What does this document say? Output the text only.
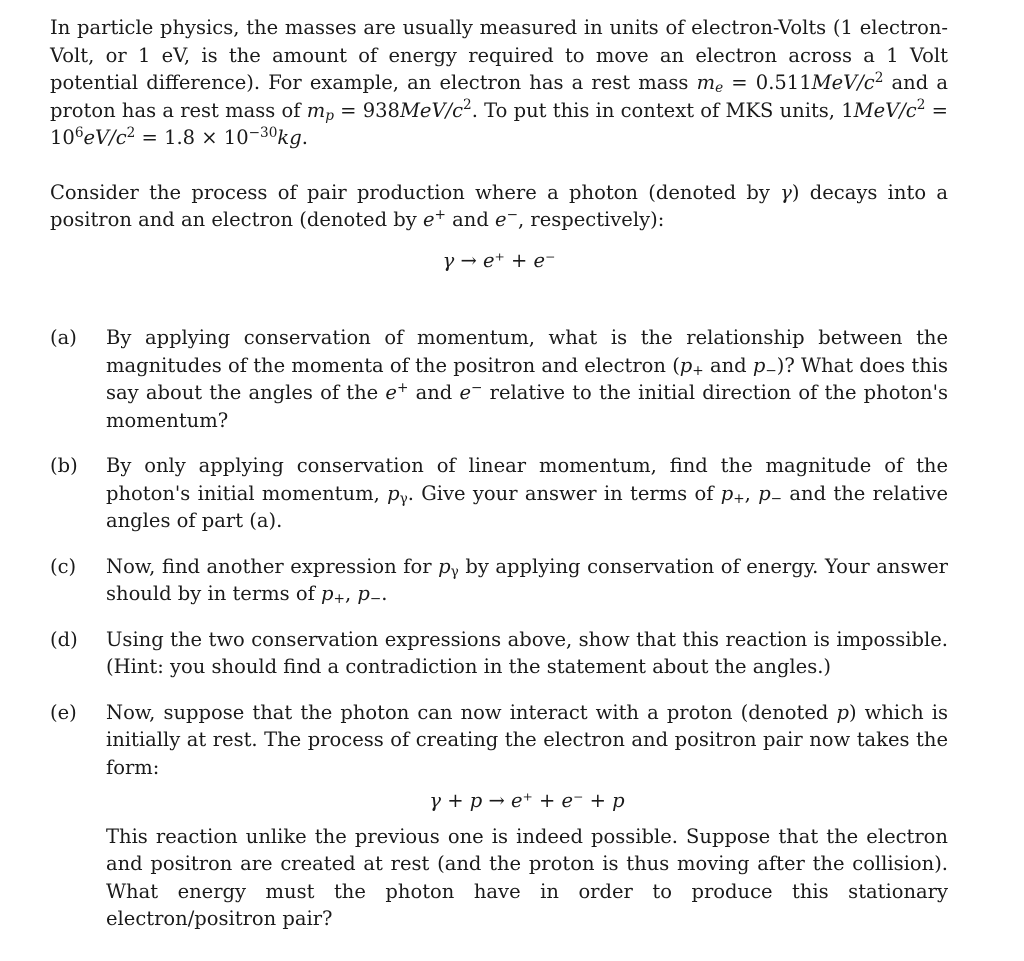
In particle physics, the masses are usually measured in units of electron-Volts (1 electron-Volt, or 1 eV, is the amount of energy required to move an electron across a 1 Volt potential difference). For example, an electron has a rest mass $m_e = 0.511MeV/c^2$ and a proton has a rest mass of $m_p = 938MeV/c^2$. To put this in context of MKS units, $1MeV/c^2 = 10^6eV/c^2 = 1.8 \times 10^{-30}kg$.

Consider the process of pair production where a photon (denoted by γ) decays into a positron and an electron (denoted by e+ and e−, respectively):

γ → e⁺ + e⁻
(a)	By applying conservation of momentum, what is the relationship between the magnitudes of the momenta of the positron and electron ($p_+$ and $p_-$)? What does this say about the angles of the e+ and e− relative to the initial direction of the photon's momentum?

(b)	By only applying conservation of linear momentum, find the magnitude of the photon's initial momentum, $p_\gamma$. Give your answer in terms of $p_+$, $p_-$ and the relative angles of part (a).

(c)	Now, find another expression for $p_\gamma$ by applying conservation of energy. Your answer should by in terms of $p_+$, $p_-$.

(d)	Using the two conservation expressions above, show that this reaction is impossible. (Hint: you should find a contradiction in the statement about the angles.)

(e)	Now, suppose that the photon can now interact with a proton (denoted p) which is initially at rest. The process of creating the electron and positron pair now takes the form:

γ + p → e⁺ + e⁻ + p

This reaction unlike the previous one is indeed possible. Suppose that the electron and positron are created at rest (and the proton is thus moving after the collision). What energy must the photon have in order to produce this stationary electron/positron pair?
